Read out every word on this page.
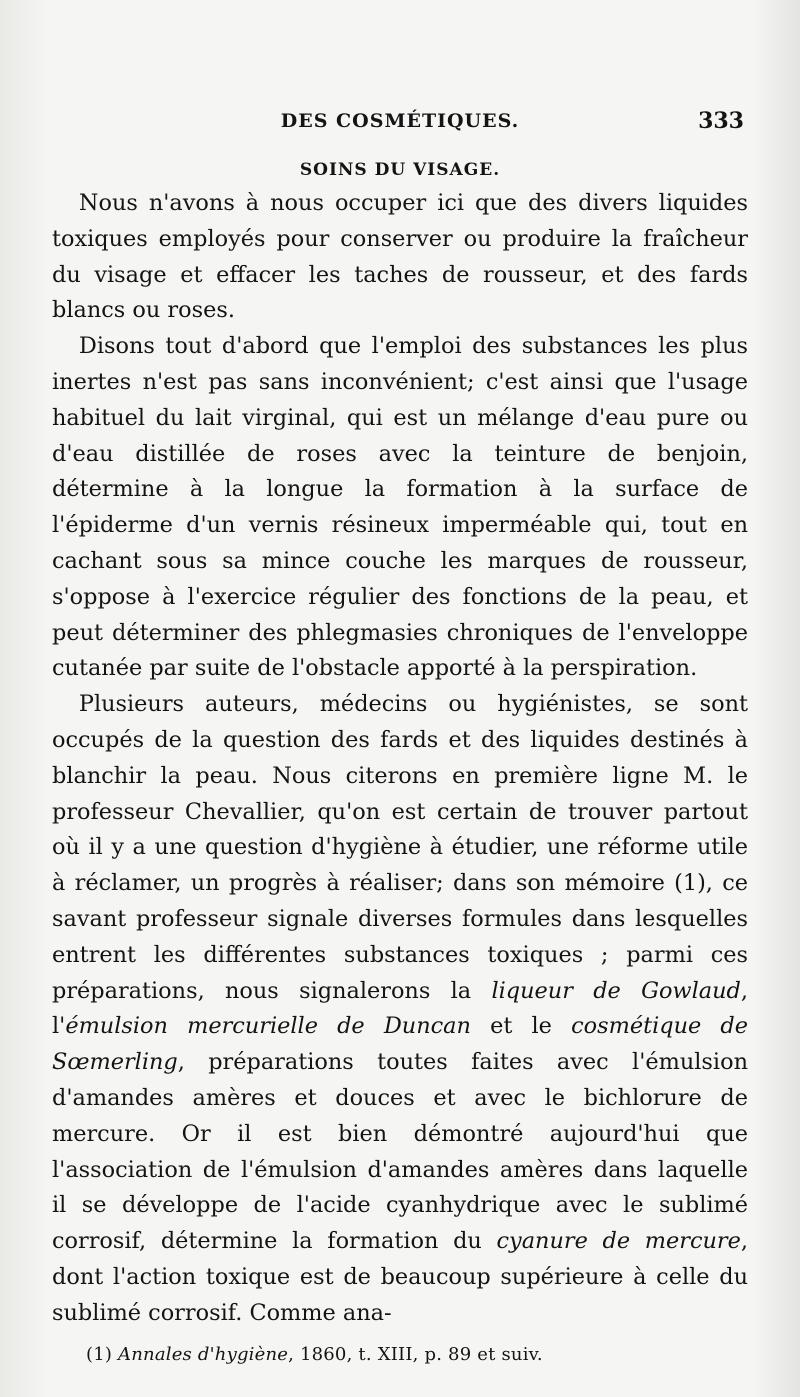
DES COSMÉTIQUES.	333
SOINS DU VISAGE.

Nous n'avons à nous occuper ici que des divers liquides toxiques employés pour conserver ou produire la fraîcheur du visage et effacer les taches de rousseur, et des fards blancs ou roses.

Disons tout d'abord que l'emploi des substances les plus inertes n'est pas sans inconvénient; c'est ainsi que l'usage habituel du lait virginal, qui est un mélange d'eau pure ou d'eau distillée de roses avec la teinture de benjoin, détermine à la longue la formation à la surface de l'épiderme d'un vernis résineux imperméable qui, tout en cachant sous sa mince couche les marques de rousseur, s'oppose à l'exercice régulier des fonctions de la peau, et peut déterminer des phlegmasies chroniques de l'enveloppe cutanée par suite de l'obstacle apporté à la perspiration.

Plusieurs auteurs, médecins ou hygiénistes, se sont occupés de la question des fards et des liquides destinés à blanchir la peau. Nous citerons en première ligne M. le professeur Chevallier, qu'on est certain de trouver partout où il y a une question d'hygiène à étudier, une réforme utile à réclamer, un progrès à réaliser; dans son mémoire (1), ce savant professeur signale diverses formules dans lesquelles entrent les différentes substances toxiques ; parmi ces préparations, nous signalerons la liqueur de Gowlaud, l'émulsion mercurielle de Duncan et le cosmétique de Sœmerling, préparations toutes faites avec l'émulsion d'amandes amères et douces et avec le bichlorure de mercure. Or il est bien démontré aujourd'hui que l'association de l'émulsion d'amandes amères dans laquelle il se développe de l'acide cyanhydrique avec le sublimé corrosif, détermine la formation du cyanure de mercure, dont l'action toxique est de beaucoup supérieure à celle du sublimé corrosif. Comme ana-

(1) Annales d'hygiène, 1860, t. XIII, p. 89 et suiv.
